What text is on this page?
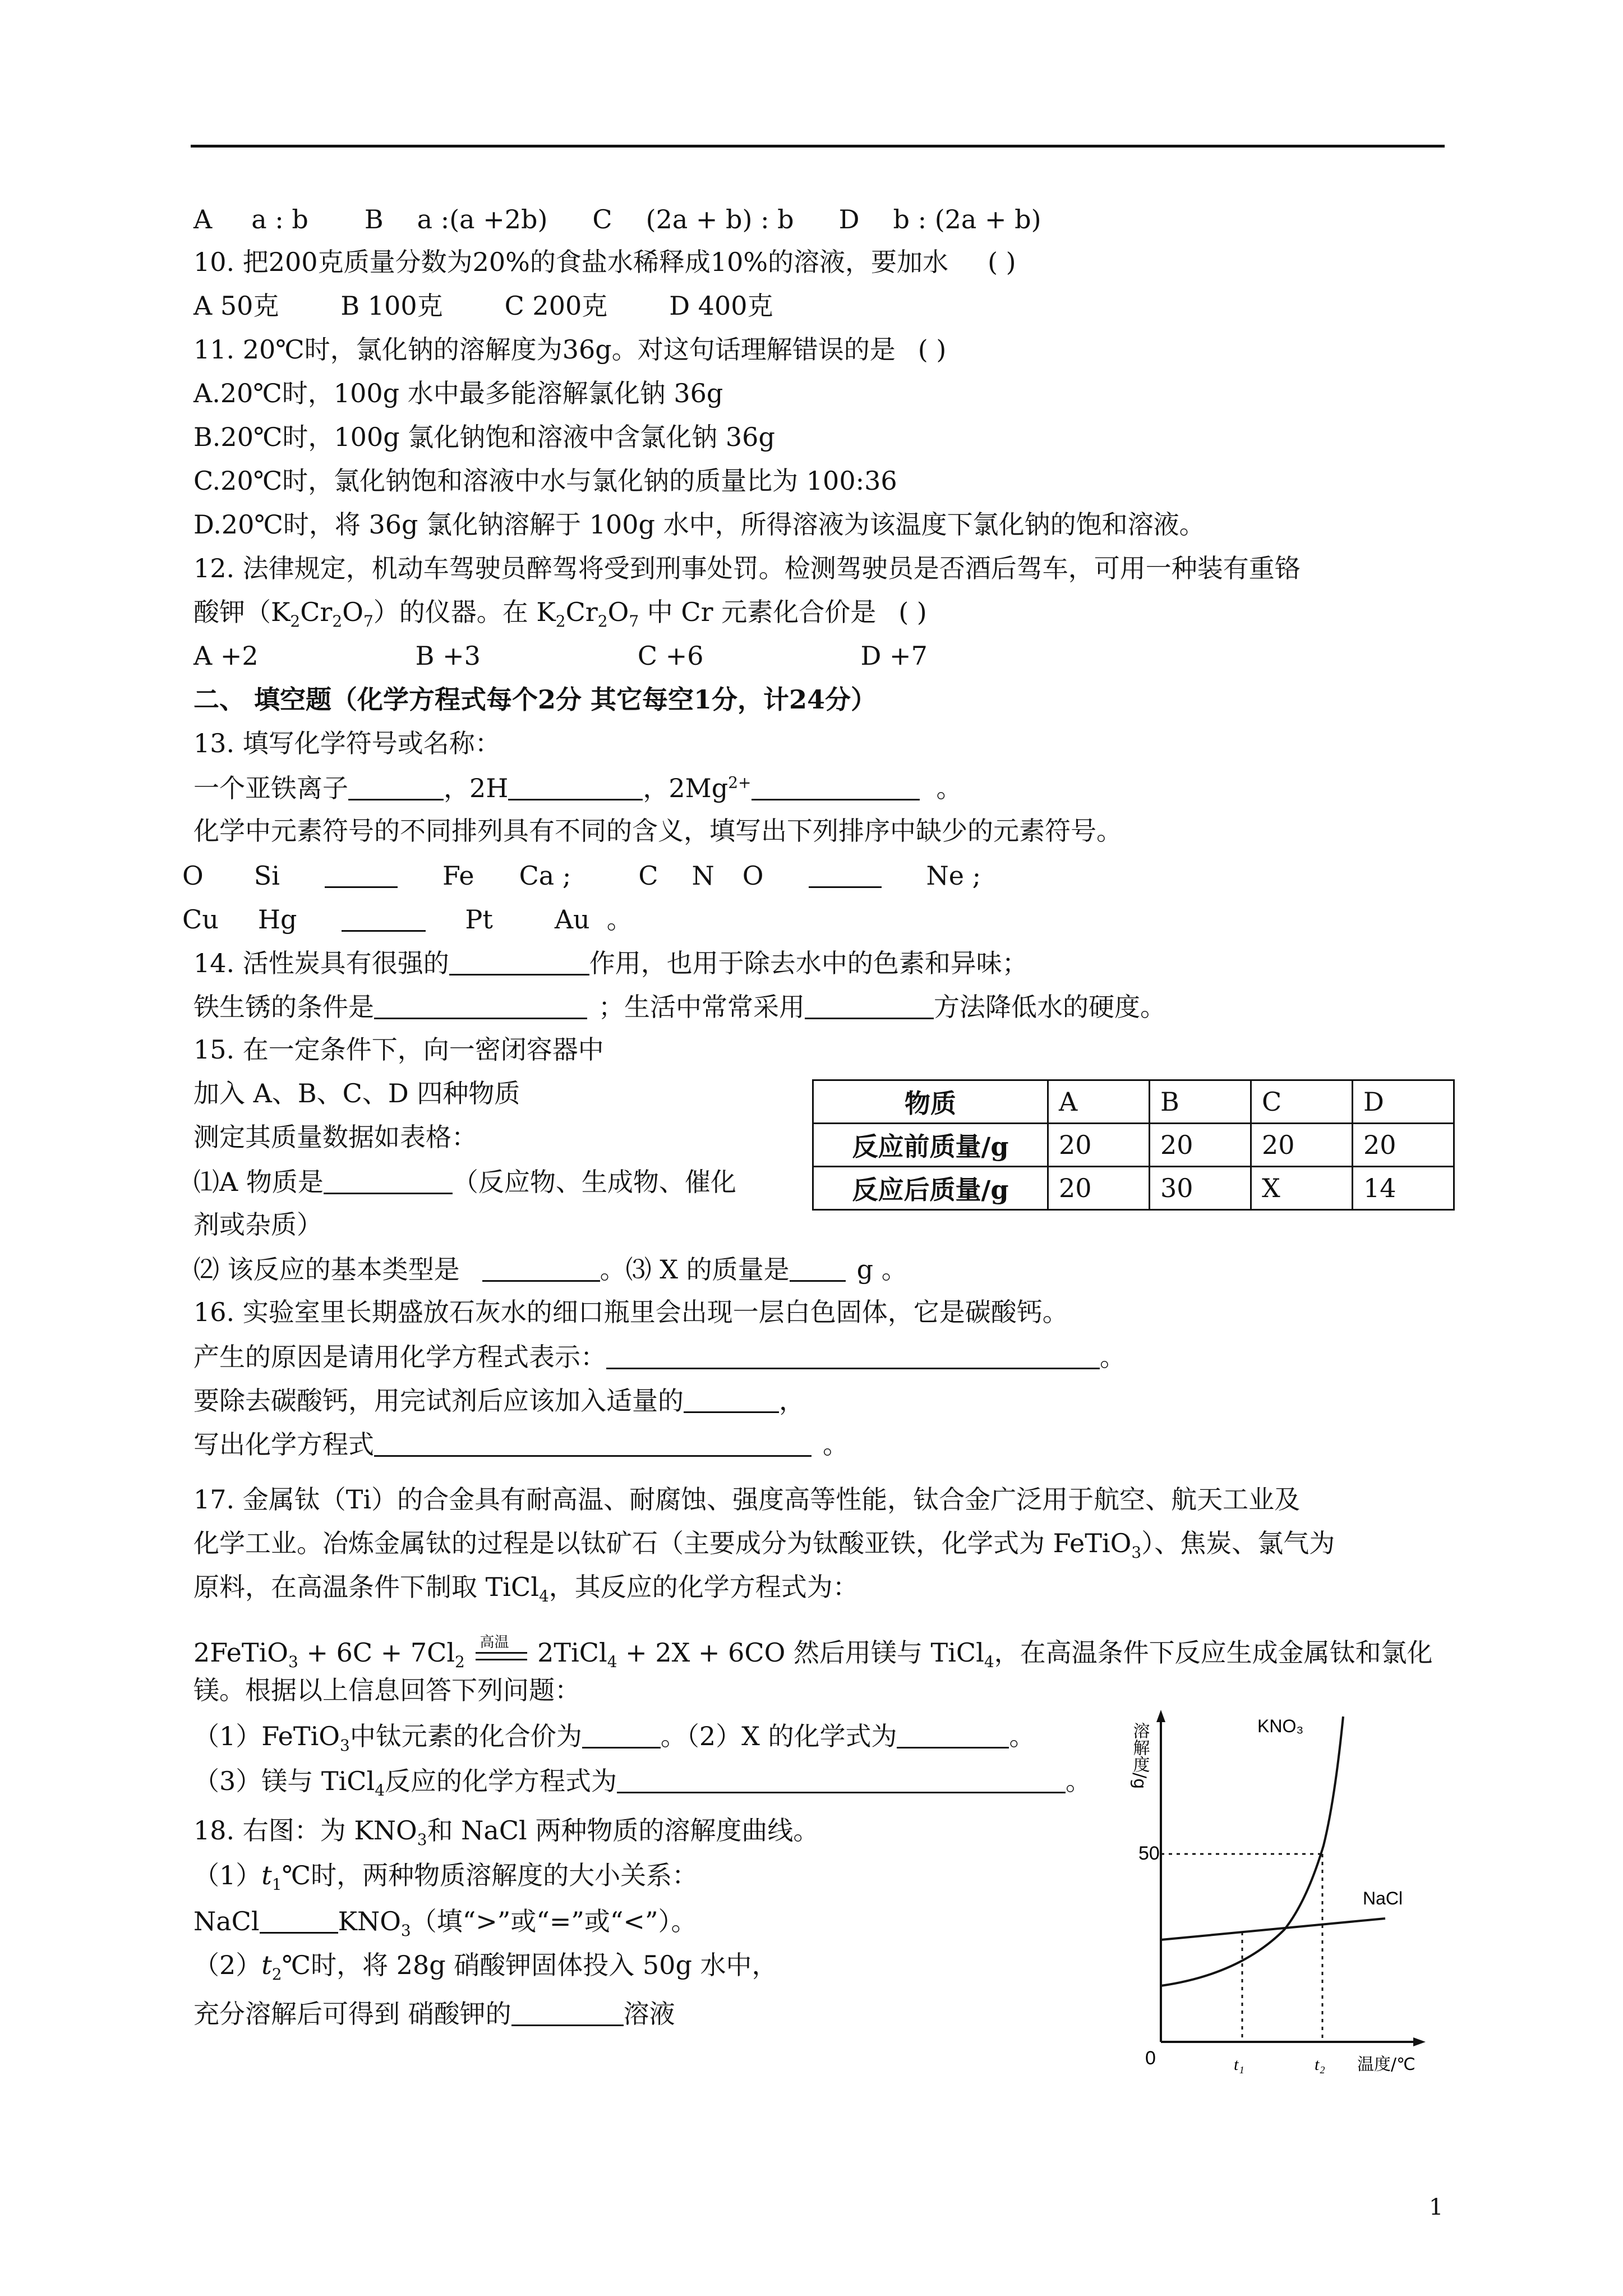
A a : b B a :(a +2b) C (2a + b) : b D b : (2a + b)
10. 把200克质量分数为20%的食盐水稀释成10%的溶液，要加水 ( )
A 50克 B 100克 C 200克 D 400克
11. 20℃时，氯化钠的溶解度为36g。对这句话理解错误的是 ( )
A.20℃时，100g 水中最多能溶解氯化钠 36g
B.20℃时，100g 氯化钠饱和溶液中含氯化钠 36g
C.20℃时，氯化钠饱和溶液中水与氯化钠的质量比为 100:36
D.20℃时，将 36g 氯化钠溶解于 100g 水中，所得溶液为该温度下氯化钠的饱和溶液。
12. 法律规定，机动车驾驶员醉驾将受到刑事处罚。检测驾驶员是否酒后驾车，可用一种装有重铬
酸钾$(K_2Cr_2O_7)$的仪器。在 $K_2Cr_2O_7$ 中 Cr 元素化合价是 ( )
A +2	B +3	C +6	D +7
二、 填空题（化学方程式每个2分 其它每空1分，计24分）
13. 填写化学符号或名称：
一个亚铁离子	，2H	，$2Mg^{2+}$	。
化学中元素符号的不同排列具有不同的含义，填写出下列排序中缺少的元素符号。
O Si	Fe Ca ;	C N O	Ne ;
Cu Hg	Pt Au 。
14. 活性炭具有很强的	作用，也用于除去水中的色素和异味；
铁生锈的条件是	；生活中常常采用	方法降低水的硬度。
15. 在一定条件下，向一密闭容器中
加入 A、B、C、D 四种物质
测定其质量数据如表格：
⑴A 物质是	（反应物、生成物、催化
剂或杂质）
⑵ 该反应的基本类型是	。⑶ X 的质量是	g 。
物质	A	B	C	D
反应前质量/g	20	20	20	20
反应后质量/g	20	30	X	14
16. 实验室里长期盛放石灰水的细口瓶里会出现一层白色固体，它是碳酸钙。
产生的原因是请用化学方程式表示：	。
要除去碳酸钙，用完试剂后应该加入适量的	，
写出化学方程式	。
17. 金属钛（Ti）的合金具有耐高温、耐腐蚀、强度高等性能，钛合金广泛用于航空、航天工业及
化学工业。冶炼金属钛的过程是以钛矿石（主要成分为钛酸亚铁，化学式为 FeTiO$_3$）、焦炭、氯气为
原料，在高温条件下制取 TiCl$_4$，其反应的化学方程式为：
2FeTiO$_3$ + $6C + 7Cl_2$
高温 2TiCl$_4$ + 2X + 6CO 然后用镁与 TiCl$_4$，在高温条件下反应生成金属钛和氯化
镁。根据以上信息回答下列问题：
（1）FeTiO$_3$中钛元素的化合价为	。（2）X 的化学式为	。
（3）镁与 TiCl$_4$反应的化学方程式为	。
18. 右图：为 $KNO_3$和 NaCl 两种物质的溶解度曲线。
$(1)t_1℃$时，两种物质溶解度的大小关系：
NaCl	$KNO_3$（填“>”或“=”或“<”）。
$(2)t_2℃$时，将 28g 硝酸钾固体投入 50g 水中，
充分溶解后可得到 硝酸钾的	溶液
50
0	t₁	t₂ 温度/℃
KNO₃
NaCl
溶解度/g
1
